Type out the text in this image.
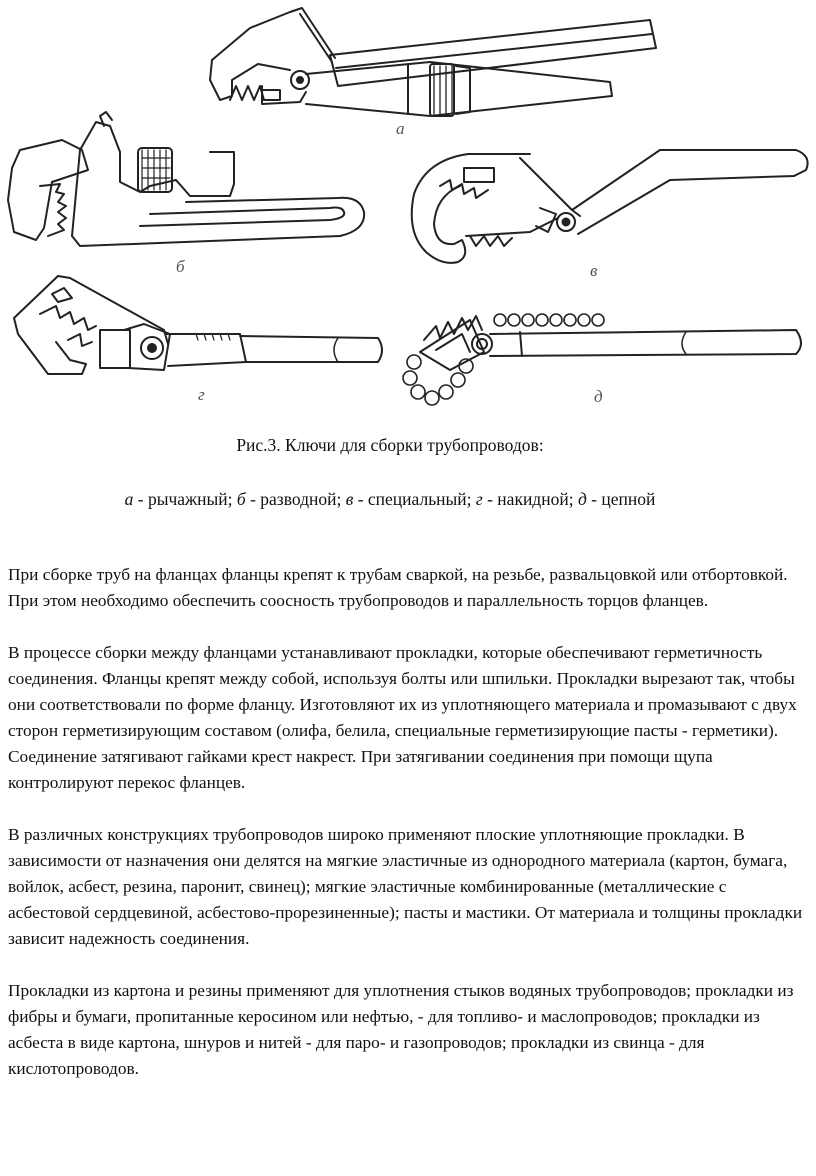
а
б	в
г	д
Рис.3. Ключи для сборки трубопроводов:
а - рычажный; б - разводной; в - специальный; г - накидной; д - цепной

При сборке труб на фланцах фланцы крепят к трубам сваркой, на резьбе, развальцовкой или отбортовкой. При этом необходимо обеспечить соосность трубопроводов и параллельность торцов фланцев.

В процессе сборки между фланцами устанавливают прокладки, которые обеспечивают герметичность соединения. Фланцы крепят между собой, используя болты или шпильки. Прокладки вырезают так, чтобы они соответствовали по форме фланцу. Изготовляют их из уплотняющего материала и промазывают с двух сторон герметизирующим составом (олифа, белила, специальные герметизирующие пасты - герметики). Соединение затягивают гайками крест накрест. При затягивании соединения при помощи щупа контролируют перекос фланцев.

В различных конструкциях трубопроводов широко применяют плоские уплотняющие прокладки. В зависимости от назначения они делятся на мягкие эластичные из однородного материала (картон, бумага, войлок, асбест, резина, паронит, свинец); мягкие эластичные комбинированные (металлические с асбестовой сердцевиной, асбестово-прорезиненные); пасты и мастики. От материала и толщины прокладки зависит надежность соединения.

Прокладки из картона и резины применяют для уплотнения стыков водяных трубопроводов; прокладки из фибры и бумаги, пропитанные керосином или нефтью, - для топливо- и маслопроводов; прокладки из асбеста в виде картона, шнуров и нитей - для паро- и газопроводов; прокладки из свинца - для кислотопроводов.
